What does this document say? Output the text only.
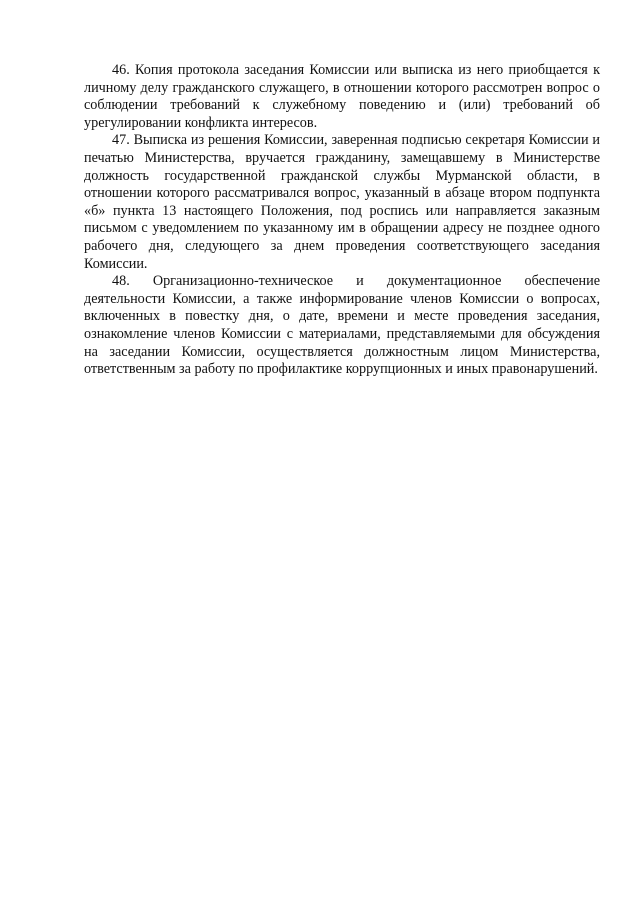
46. Копия протокола заседания Комиссии или выписка из него приобщается к личному делу гражданского служащего, в отношении которого рассмотрен вопрос о соблюдении требований к служебному поведению и (или) требований об урегулировании конфликта интересов.

47. Выписка из решения Комиссии, заверенная подписью секретаря Комиссии и печатью Министерства, вручается гражданину, замещавшему в Министерстве должность государственной гражданской службы Мурманской области, в отношении которого рассматривался вопрос, указанный в абзаце втором подпункта «б» пункта 13 настоящего Положения, под роспись или направляется заказным письмом с уведомлением по указанному им в обращении адресу не позднее одного рабочего дня, следующего за днем проведения соответствующего заседания Комиссии.

48. Организационно-техническое и документационное обеспечение деятельности Комиссии, а также информирование членов Комиссии о вопросах, включенных в повестку дня, о дате, времени и месте проведения заседания, ознакомление членов Комиссии с материалами, представляемыми для обсуждения на заседании Комиссии, осуществляется должностным лицом Министерства, ответственным за работу по профилактике коррупционных и иных правонарушений.
